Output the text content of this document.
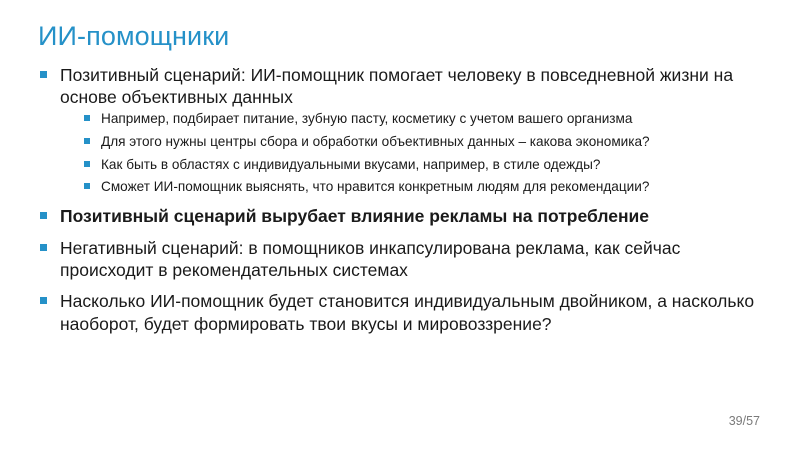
ИИ-помощники
Позитивный сценарий: ИИ-помощник помогает человеку в повседневной жизни на основе объективных данных
Например, подбирает питание, зубную пасту, косметику с учетом вашего организма
Для этого нужны центры сбора и обработки объективных данных – какова экономика?
Как быть в областях с индивидуальными вкусами, например, в стиле одежды?
Сможет ИИ-помощник выяснять, что нравится конкретным людям для рекомендации?
Позитивный сценарий вырубает влияние рекламы на потребление
Негативный сценарий: в помощников инкапсулирована реклама, как сейчас происходит в рекомендательных системах
Насколько ИИ-помощник будет становится индивидуальным двойником, а насколько наоборот, будет формировать твои вкусы и мировоззрение?
39/57
